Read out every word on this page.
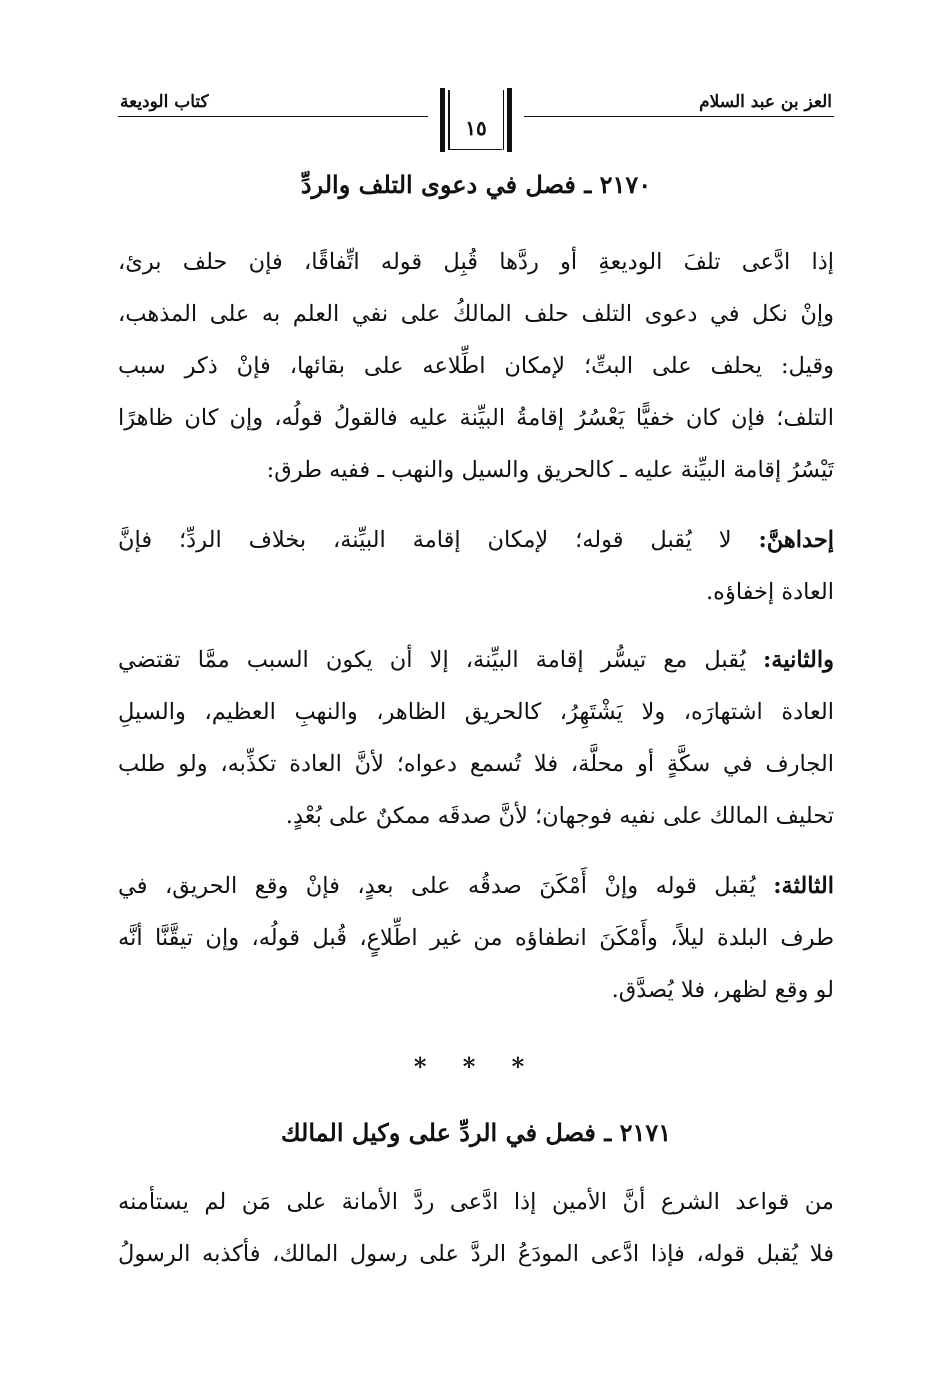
العز بن عبد السلام
كتاب الوديعة
١٥
٢١٧٠ ـ فصل في دعوى التلف والردِّ
إذا ادَّعى تلفَ الوديعةِ أو ردَّها قُبِل قوله اتِّفاقًا، فإن حلف برئ،
وإنْ نكل في دعوى التلف حلف المالكُ على نفي العلم به على المذهب،
وقيل: يحلف على البتِّ؛ لإمكان اطِّلاعه على بقائها، فإنْ ذكر سبب
التلف؛ فإن كان خفيًّا يَعْسُرُ إقامةُ البيِّنة عليه فالقولُ قولُه، وإن كان ظاهرًا
تَيْسُرُ إقامة البيِّنة عليه ـ كالحريق والسيل والنهب ـ ففيه طرق:
إحداهنَّ: لا يُقبل قوله؛ لإمكان إقامة البيِّنة، بخلاف الردِّ؛ فإنَّ
العادة إخفاؤه.
والثانية: يُقبل مع تيسُّر إقامة البيِّنة، إلا أن يكون السبب ممَّا تقتضي
العادة اشتهارَه، ولا يَشْتَهِرُ، كالحريق الظاهر، والنهبِ العظيم، والسيلِ
الجارف في سكَّةٍ أو محلَّة، فلا تُسمع دعواه؛ لأنَّ العادة تكذِّبه، ولو طلب
تحليف المالك على نفيه فوجهان؛ لأنَّ صدقَه ممكنٌ على بُعْدٍ.
الثالثة: يُقبل قوله وإنْ أَمْكَنَ صدقُه على بعدٍ، فإنْ وقع الحريق، في
طرف البلدة ليلاً، وأَمْكَنَ انطفاؤه من غير اطِّلاعٍ، قُبل قولُه، وإن تيقَّنَّا أنَّه
لو وقع لظهر، فلا يُصدَّق.
* * *
٢١٧١ ـ فصل في الردِّ على وكيل المالك
من قواعد الشرع أنَّ الأمين إذا ادَّعى ردَّ الأمانة على مَن لم يستأمنه
فلا يُقبل قوله، فإذا ادَّعى المودَعُ الردَّ على رسول المالك، فأكذبه الرسولُ
